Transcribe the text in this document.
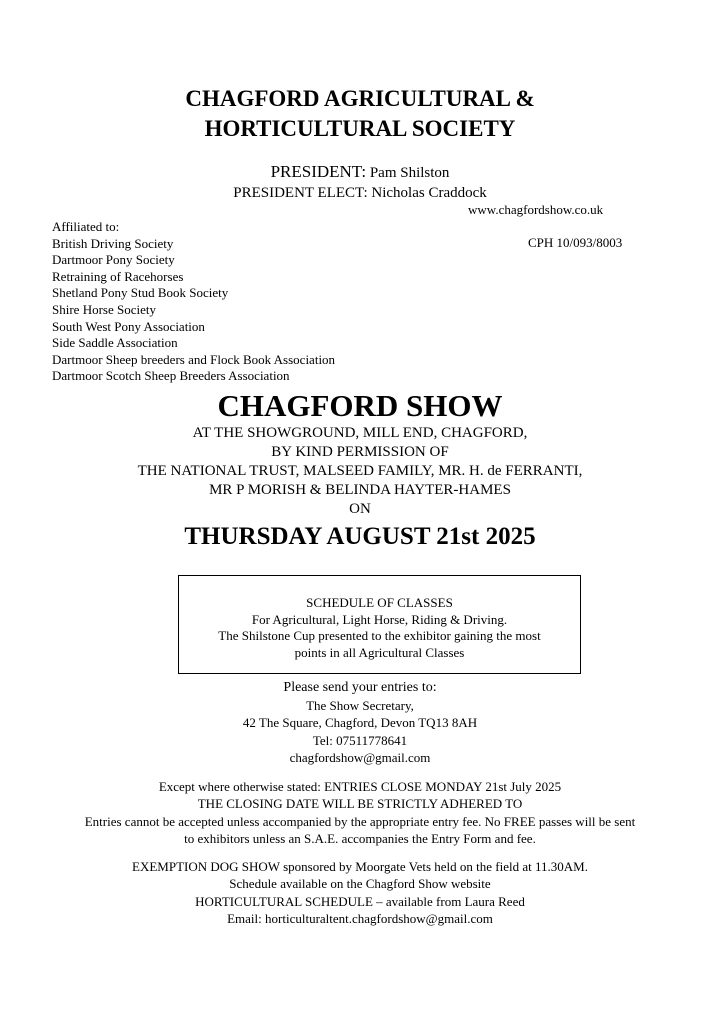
CHAGFORD AGRICULTURAL &
HORTICULTURAL SOCIETY
PRESIDENT: Pam Shilston
PRESIDENT ELECT: Nicholas Craddock
www.chagfordshow.co.uk
CPH 10/093/8003
Affiliated to:
British Driving Society
Dartmoor Pony Society
Retraining of Racehorses
Shetland Pony Stud Book Society
Shire Horse Society
South West Pony Association
Side Saddle Association
Dartmoor Sheep breeders and Flock Book Association
Dartmoor Scotch Sheep Breeders Association
CHAGFORD SHOW
AT THE SHOWGROUND, MILL END, CHAGFORD,
BY KIND PERMISSION OF
THE NATIONAL TRUST, MALSEED FAMILY, MR. H. de FERRANTI,
MR P MORISH & BELINDA HAYTER-HAMES
ON
THURSDAY AUGUST 21st 2025
SCHEDULE OF CLASSES
For Agricultural, Light Horse, Riding & Driving.
The Shilstone Cup presented to the exhibitor gaining the most
points in all Agricultural Classes
Please send your entries to:
The Show Secretary,
42 The Square, Chagford, Devon TQ13 8AH
Tel: 07511778641
chagfordshow@gmail.com
Except where otherwise stated: ENTRIES CLOSE MONDAY 21st July 2025
THE CLOSING DATE WILL BE STRICTLY ADHERED TO
Entries cannot be accepted unless accompanied by the appropriate entry fee. No FREE passes will be sent
to exhibitors unless an S.A.E. accompanies the Entry Form and fee.
EXEMPTION DOG SHOW sponsored by Moorgate Vets held on the field at 11.30AM.
Schedule available on the Chagford Show website
HORTICULTURAL SCHEDULE – available from Laura Reed
Email: horticulturaltent.chagfordshow@gmail.com
